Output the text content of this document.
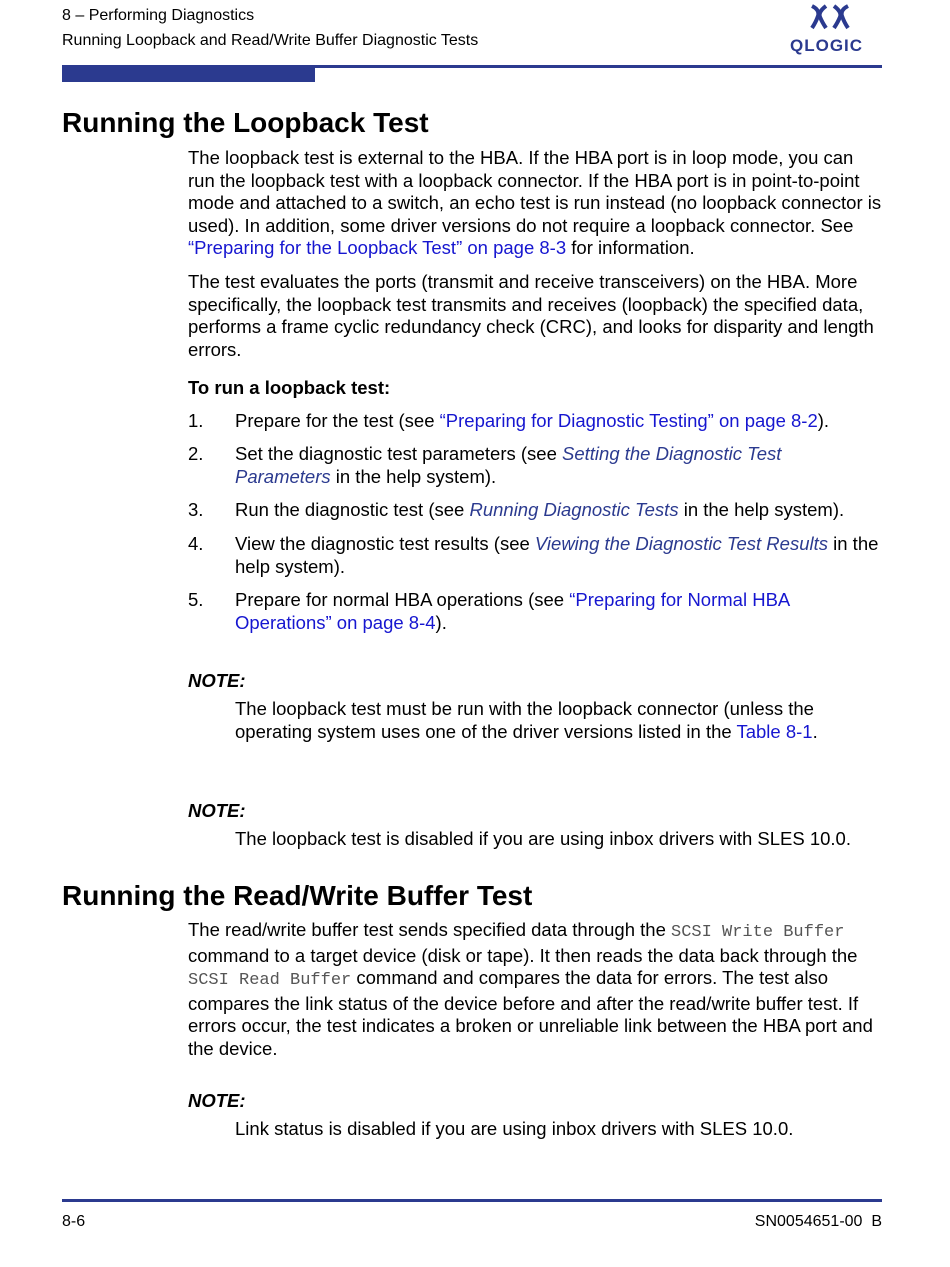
8 – Performing Diagnostics
Running Loopback and Read/Write Buffer Diagnostic Tests	QLOGIC
Running the Loopback Test

The loopback test is external to the HBA. If the HBA port is in loop mode, you can run the loopback test with a loopback connector. If the HBA port is in point-to-point mode and attached to a switch, an echo test is run instead (no loopback connector is used). In addition, some driver versions do not require a loopback connector. See “Preparing for the Loopback Test” on page 8-3 for information.

The test evaluates the ports (transmit and receive transceivers) on the HBA. More specifically, the loopback test transmits and receives (loopback) the specified data, performs a frame cyclic redundancy check (CRC), and looks for disparity and length errors.

To run a loopback test:
1. Prepare for the test (see “Preparing for Diagnostic Testing” on page 8-2).
2. Set the diagnostic test parameters (see Setting the Diagnostic Test Parameters in the help system).
3. Run the diagnostic test (see Running Diagnostic Tests in the help system).
4. View the diagnostic test results (see Viewing the Diagnostic Test Results in the help system).
5. Prepare for normal HBA operations (see “Preparing for Normal HBA Operations” on page 8-4).
NOTE:

The loopback test must be run with the loopback connector (unless the operating system uses one of the driver versions listed in the Table 8-1.

NOTE:

The loopback test is disabled if you are using inbox drivers with SLES 10.0.

Running the Read/Write Buffer Test

The read/write buffer test sends specified data through the SCSI Write Buffer command to a target device (disk or tape). It then reads the data back through the SCSI Read Buffer command and compares the data for errors. The test also compares the link status of the device before and after the read/write buffer test. If errors occur, the test indicates a broken or unreliable link between the HBA port and the device.

NOTE:

Link status is disabled if you are using inbox drivers with SLES 10.0.

8-6	SN0054651-00  B
